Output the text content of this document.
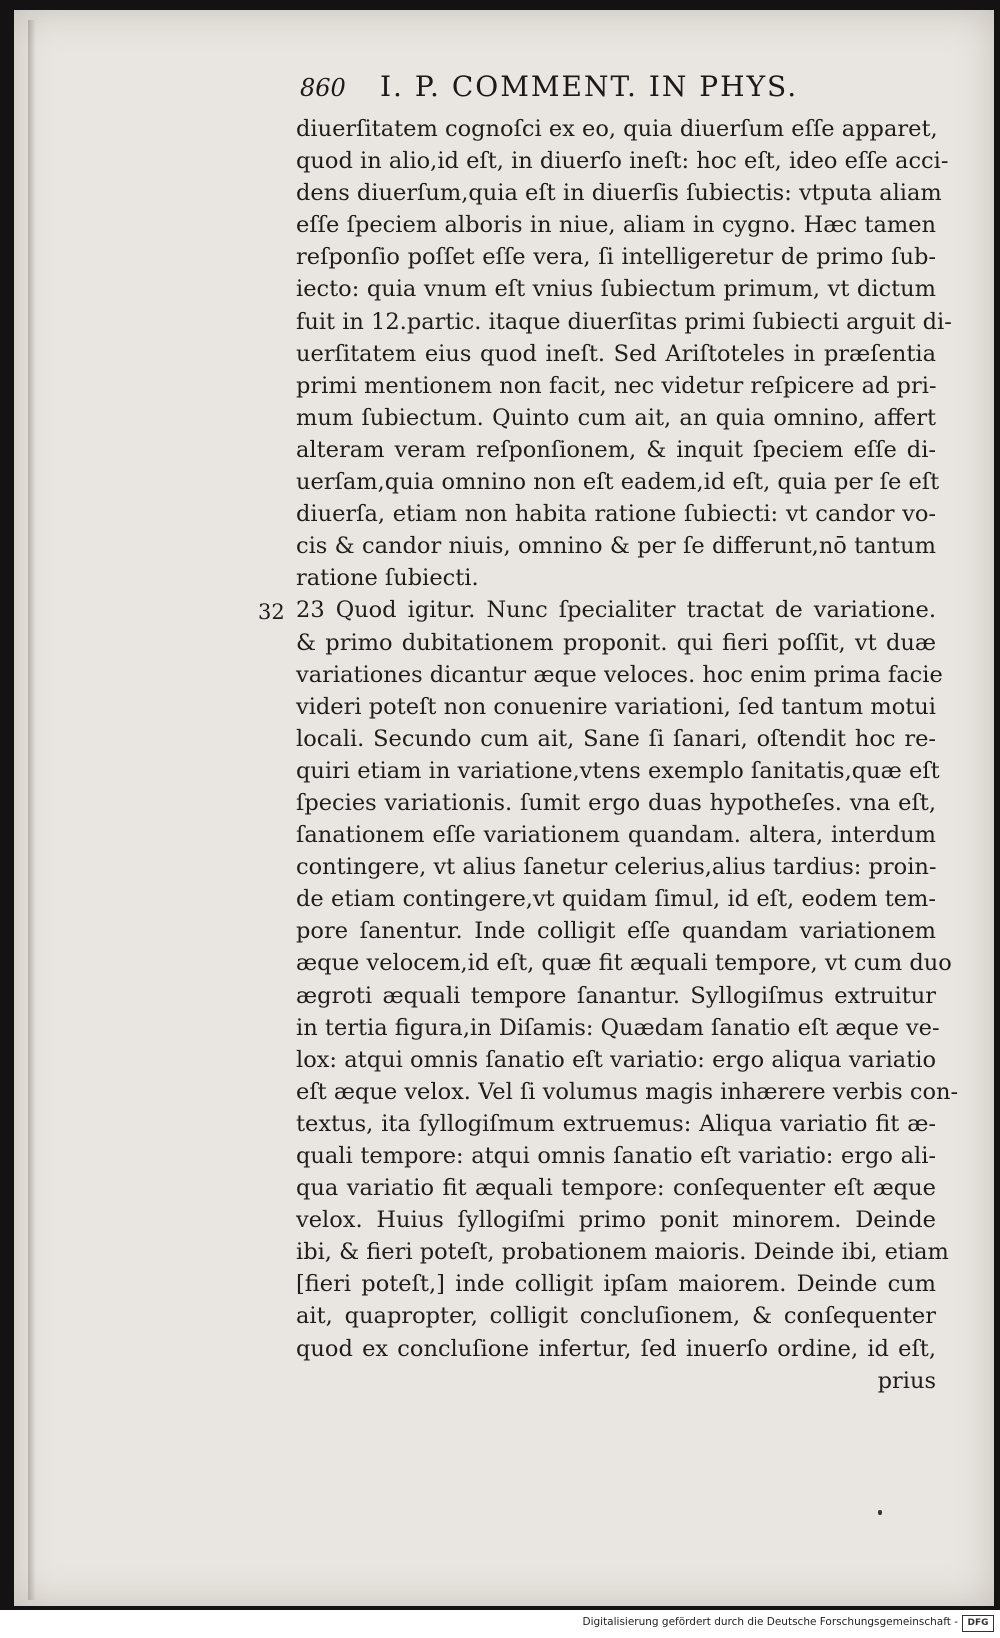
860 I. P. COMMENT. IN PHYS.
32
diuerſitatem cognoſci ex eo, quia diuerſum eſſe apparet,
quod in alio,id eſt, in diuerſo ineſt: hoc eſt, ideo eſſe acci-
dens diuerſum,quia eſt in diuerſis ſubiectis: vtputa aliam
eſſe ſpeciem alboris in niue, aliam in cygno. Hæc tamen
reſponſio poſſet eſſe vera, ſi intelligeretur de primo ſub-
iecto: quia vnum eſt vnius ſubiectum primum, vt dictum
fuit in 12.partic. itaque diuerſitas primi ſubiecti arguit di-
uerſitatem eius quod ineſt. Sed Ariſtoteles in præſentia
primi mentionem non facit, nec videtur reſpicere ad pri-
mum ſubiectum. Quinto cum ait, an quia omnino, affert
alteram veram reſponſionem, & inquit ſpeciem eſſe di-
uerſam,quia omnino non eſt eadem,id eſt, quia per ſe eſt
diuerſa, etiam non habita ratione ſubiecti: vt candor vo-
cis & candor niuis, omnino & per ſe differunt,nō tantum
ratione ſubiecti.
23 Quod igitur. Nunc ſpecialiter tractat de variatione.
& primo dubitationem proponit. qui fieri poſſit, vt duæ
variationes dicantur æque veloces. hoc enim prima facie
videri poteſt non conuenire variationi, ſed tantum motui
locali. Secundo cum ait, Sane ſi ſanari, oſtendit hoc re-
quiri etiam in variatione,vtens exemplo ſanitatis,quæ eſt
ſpecies variationis. ſumit ergo duas hypotheſes. vna eſt,
ſanationem eſſe variationem quandam. altera, interdum
contingere, vt alius ſanetur celerius,alius tardius: proin-
de etiam contingere,vt quidam ſimul, id eſt, eodem tem-
pore ſanentur. Inde colligit eſſe quandam variationem
æque velocem,id eſt, quæ fit æquali tempore, vt cum duo
ægroti æquali tempore ſanantur. Syllogiſmus extruitur
in tertia figura,in Diſamis: Quædam ſanatio eſt æque ve-
lox: atqui omnis ſanatio eſt variatio: ergo aliqua variatio
eſt æque velox. Vel ſi volumus magis inhærere verbis con-
textus, ita ſyllogiſmum extruemus: Aliqua variatio fit æ-
quali tempore: atqui omnis ſanatio eſt variatio: ergo ali-
qua variatio fit æquali tempore: conſequenter eſt æque
velox. Huius ſyllogiſmi primo ponit minorem. Deinde
ibi, & fieri poteſt, probationem maioris. Deinde ibi, etiam
[fieri poteſt,] inde colligit ipſam maiorem. Deinde cum
ait, quapropter, colligit concluſionem, & conſequenter
quod ex concluſione infertur, ſed inuerſo ordine, id eſt,
prius
Digitalisierung gefördert durch die Deutsche Forschungsgemeinschaft -	DFG
